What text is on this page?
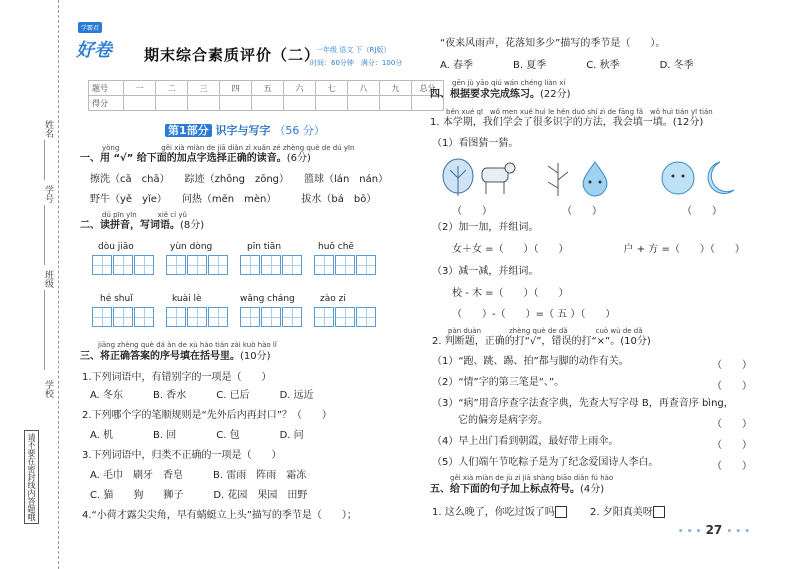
姓名
学号
班级
学校
请不要在密封线内答题哦
学霸君
好卷 期末综合素质评价（二）
一年级 语文 下（RJ版）
时间：60分钟　 满分：100分
题号	一	二	三	四	五	六	七	八	九	总分
得分										
第1部分 识字与写字 （56 分）
yòng　　　　　　gěi xià miàn de jiā diǎn zì xuǎn zé zhèng què de dú yīn
一、用 “√” 给下面的加点字选择正确的读音。(6分)
擦洗（cā　chā）　　踪迹（zhōng　zōng）　　篮球（lán　nán）
野牛（yě　yǐe）　　问热（mēn　mèn）　　　拔水（bá　bō）
dú pīn yīn　　　xiě cí yǔ
二、读拼音，写词语。(8分)
dòu jiāo	yùn dòng	pīn tiān	huǒ chē
hé shuǐ	kuài lè	wǎng cháng	zào zi
jiāng zhèng què dá àn de xù hào tián zài kuò hào lǐ
三、将正确答案的序号填在括号里。(10分)
1.下列词语中，有错别字的一项是（　　）
A. 冬东　　　B. 香水　　　C. 已后　　　D. 远近
2.下列哪个字的笔顺规则是“先外后内再封口”？（　　）
A. 机　　　　B. 回　　　　C. 包　　　　D. 问
3.下列词语中，归类不正确的一项是（　　）
A. 毛巾　刷牙　香皂　　　B. 雷雨　阵雨　霜冻
C. 猫　　狗　　狮子　　　D. 花园　果园　田野
4.“小荷才露尖尖角，早有蜻蜓立上头”描写的季节是（　　）；
“夜来风雨声，花落知多少”描写的季节是（　　）。
A. 春季　　　　B. 夏季　　　　C. 秋季　　　　D. 冬季
gēn jù yāo qiú wán chéng liàn xí
四、根据要求完成练习。(22分)
běn xué qī　wǒ men xué huì le hěn duō shí zì de fāng fǎ　wǒ huì tián yī tián
1. 本学期，我们学会了很多识字的方法，我会填一填。(12分)
（1）看图猜一猜。
（　　）	（　　）	（　　）
（2）加一加，并组词。
女＋女 =（　　）（　　）　　　　　　户 + 方 =（　　）（　　）
（3）减一减，并组词。
校 - 木 =（　　）（　　）
（　　）-（　　）=（ 五 ）（　　）
pàn duàn　　　　zhèng què de dǎ　　　　cuò wù de dǎ
2. 判断题，正确的打“√”，错误的打“×”。(10分)
（1）“跑、跳、踢、拍”都与脚的动作有关。	（　　）
（2）“情”字的第三笔是“、”。	（　　）
（3）“病”用音序查字法查字典，先查大写字母 B，再查音序 bìng，
它的偏旁是病字旁。	（　　）
（4）早上出门看到朝霞，最好带上雨伞。	（　　）
（5）人们端午节吃粽子是为了纪念爱国诗人李白。	（　　）
gěi xià miàn de jù zi jiā shàng biāo diǎn fú hào
五、给下面的句子加上标点符号。(4分)
1. 这么晚了，你吃过饭了吗	2. 夕阳真美呀
• • • 27 • • •
